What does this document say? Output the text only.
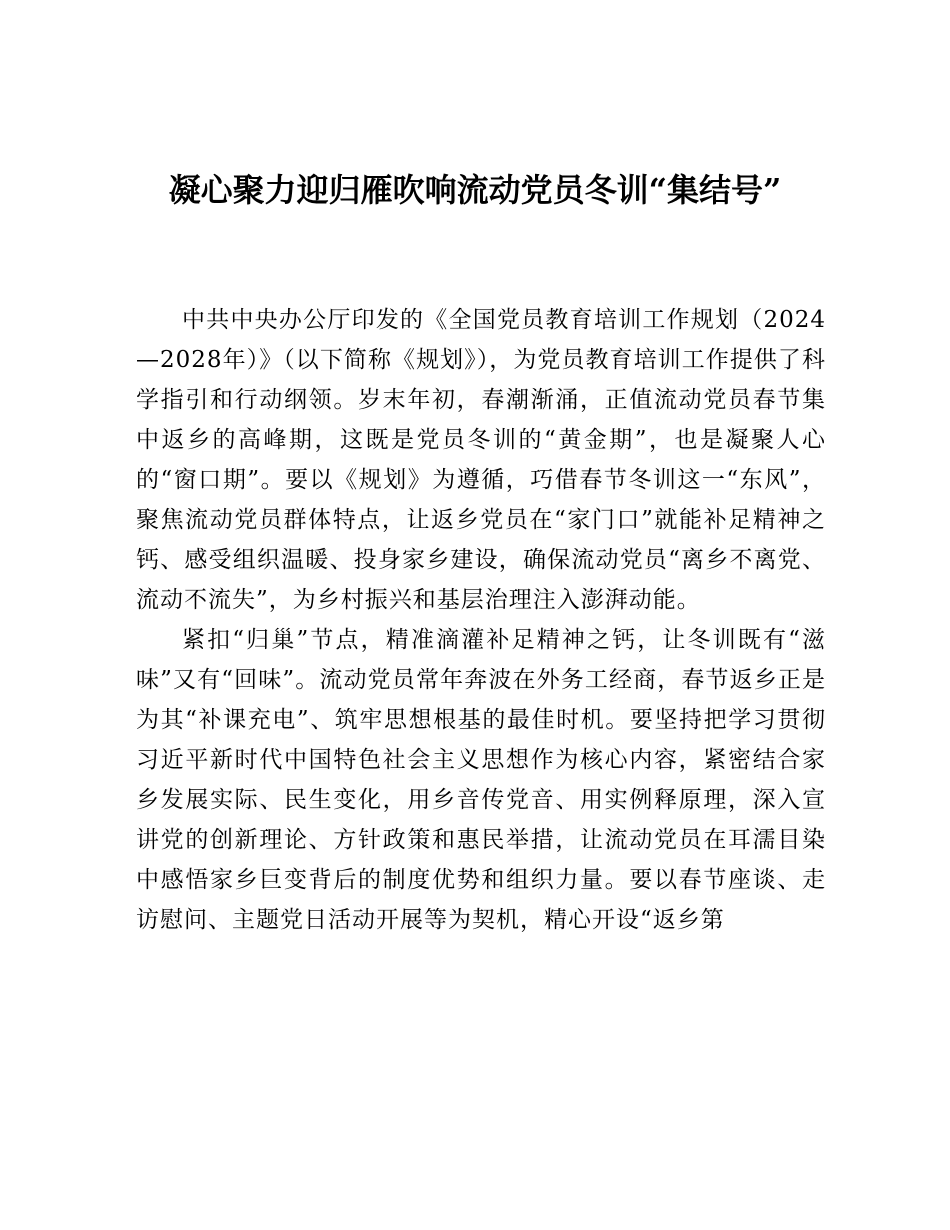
凝心聚力迎归雁吹响流动党员冬训“集结号”

中共中央办公厅印发的《全国党员教育培训工作规划（2024—2028年）》（以下简称《规划》），为党员教育培训工作提供了科学指引和行动纲领。岁末年初，春潮渐涌，正值流动党员春节集中返乡的高峰期，这既是党员冬训的“黄金期”，也是凝聚人心的“窗口期”。要以《规划》为遵循，巧借春节冬训这一“东风”，聚焦流动党员群体特点，让返乡党员在“家门口”就能补足精神之钙、感受组织温暖、投身家乡建设，确保流动党员“离乡不离党、流动不流失”，为乡村振兴和基层治理注入澎湃动能。

紧扣“归巢”节点，精准滴灌补足精神之钙，让冬训既有“滋味”又有“回味”。流动党员常年奔波在外务工经商，春节返乡正是为其“补课充电”、筑牢思想根基的最佳时机。要坚持把学习贯彻习近平新时代中国特色社会主义思想作为核心内容，紧密结合家乡发展实际、民生变化，用乡音传党音、用实例释原理，深入宣讲党的创新理论、方针政策和惠民举措，让流动党员在耳濡目染中感悟家乡巨变背后的制度优势和组织力量。要以春节座谈、走访慰问、主题党日活动开展等为契机，精心开设“返乡第
